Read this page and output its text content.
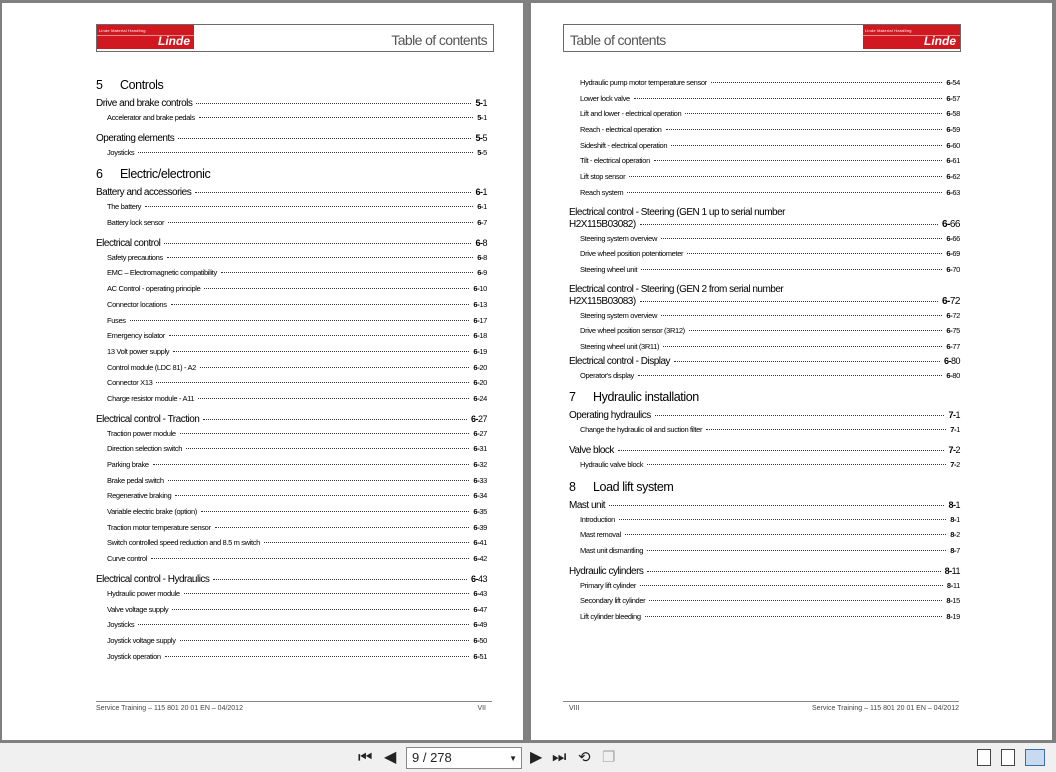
Linde Material Handling
Linde	Table of contents
5	Controls
Drive and brake controls	5-1
Accelerator and brake pedals	5-1
Operating elements	5-5
Joysticks	5-5
6	Electric/electronic
Battery and accessories	6-1
The battery	6-1
Battery lock sensor	6-7
Electrical control	6-8
Safety precautions	6-8
EMC – Electromagnetic compatibility	6-9
AC Control - operating principle	6-10
Connector locations	6-13
Fuses	6-17
Emergency isolator	6-18
13 Volt power supply	6-19
Control module (LDC 81) - A2	6-20
Connector X13	6-20
Charge resistor module - A11	6-24
Electrical control - Traction	6-27
Traction power module	6-27
Direction selection switch	6-31
Parking brake	6-32
Brake pedal switch	6-33
Regenerative braking	6-34
Variable electric brake (option)	6-35
Traction motor temperature sensor	6-39
Switch controlled speed reduction and 8.5 m switch	6-41
Curve control	6-42
Electrical control - Hydraulics	6-43
Hydraulic power module	6-43
Valve voltage supply	6-47
Joysticks	6-49
Joystick voltage supply	6-50
Joystick operation	6-51
Service Training – 115 801 20 01 EN – 04/2012	VII
Table of contents
Linde Material Handling
Linde
Hydraulic pump motor temperature sensor	6-54
Lower lock valve	6-57
Lift and lower - electrical operation	6-58
Reach - electrical operation	6-59
Sideshift - electrical operation	6-60
Tilt - electrical operation	6-61
Lift stop sensor	6-62
Reach system	6-63
Electrical control - Steering (GEN 1 up to serial number
H2X115B03082)	6-66
Steering system overview	6-66
Drive wheel position potentiometer	6-69
Steering wheel unit	6-70
Electrical control - Steering (GEN 2 from serial number
H2X115B03083)	6-72
Steering system overview	6-72
Drive wheel position sensor (3R12)	6-75
Steering wheel unit (3R11)	6-77
Electrical control - Display	6-80
Operator's display	6-80
7	Hydraulic installation
Operating hydraulics	7-1
Change the hydraulic oil and suction filter	7-1
Valve block	7-2
Hydraulic valve block	7-2
8	Load lift system
Mast unit	8-1
Introduction	8-1
Mast removal	8-2
Mast unit dismantling	8-7
Hydraulic cylinders	8-11
Primary lift cylinder	8-11
Secondary lift cylinder	8-15
Lift cylinder bleeding	8-19
VIII	Service Training – 115 801 20 01 EN – 04/2012
⏮ ◀ 9 / 278	▼ ▶ ⏭ ⟲ ❐
